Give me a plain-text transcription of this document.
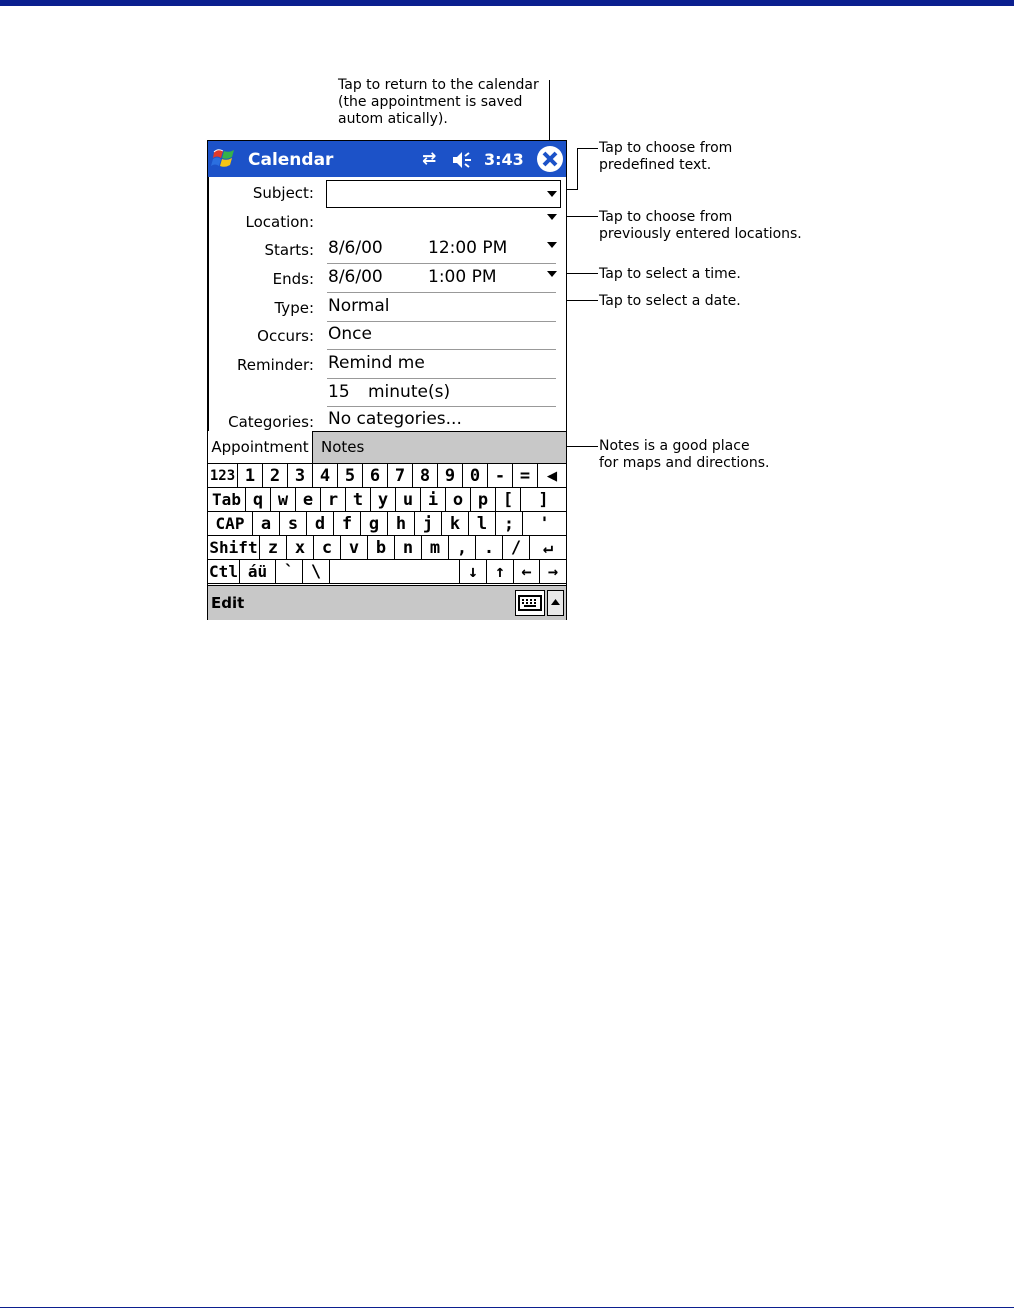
Tap to return to the calendar
(the appointment is saved
autom atically).
Tap to choose from
predefined text.
Tap to choose from
previously entered locations.
Tap to select a time.
Tap to select a date.
Notes is a good place
for maps and directions.
Calendar	⇄	3:43
Subject:
Location:
Starts: 8/6/00	12:00 PM
Ends: 8/6/00	1:00 PM
Type: Normal
Occurs: Once
Reminder: Remind me
15 minute(s)
Categories: No categories...
Appointment Notes
123 1 2 3 4 5 6 7 8 9 0 - = ◀
Tab q w e r t y u i o p [	]
CAP a s d f g h j k l ;	'
Shift z x c v b n m , . /	↵
Ctl áü ` \	↓ ↑ ← →
Edit
